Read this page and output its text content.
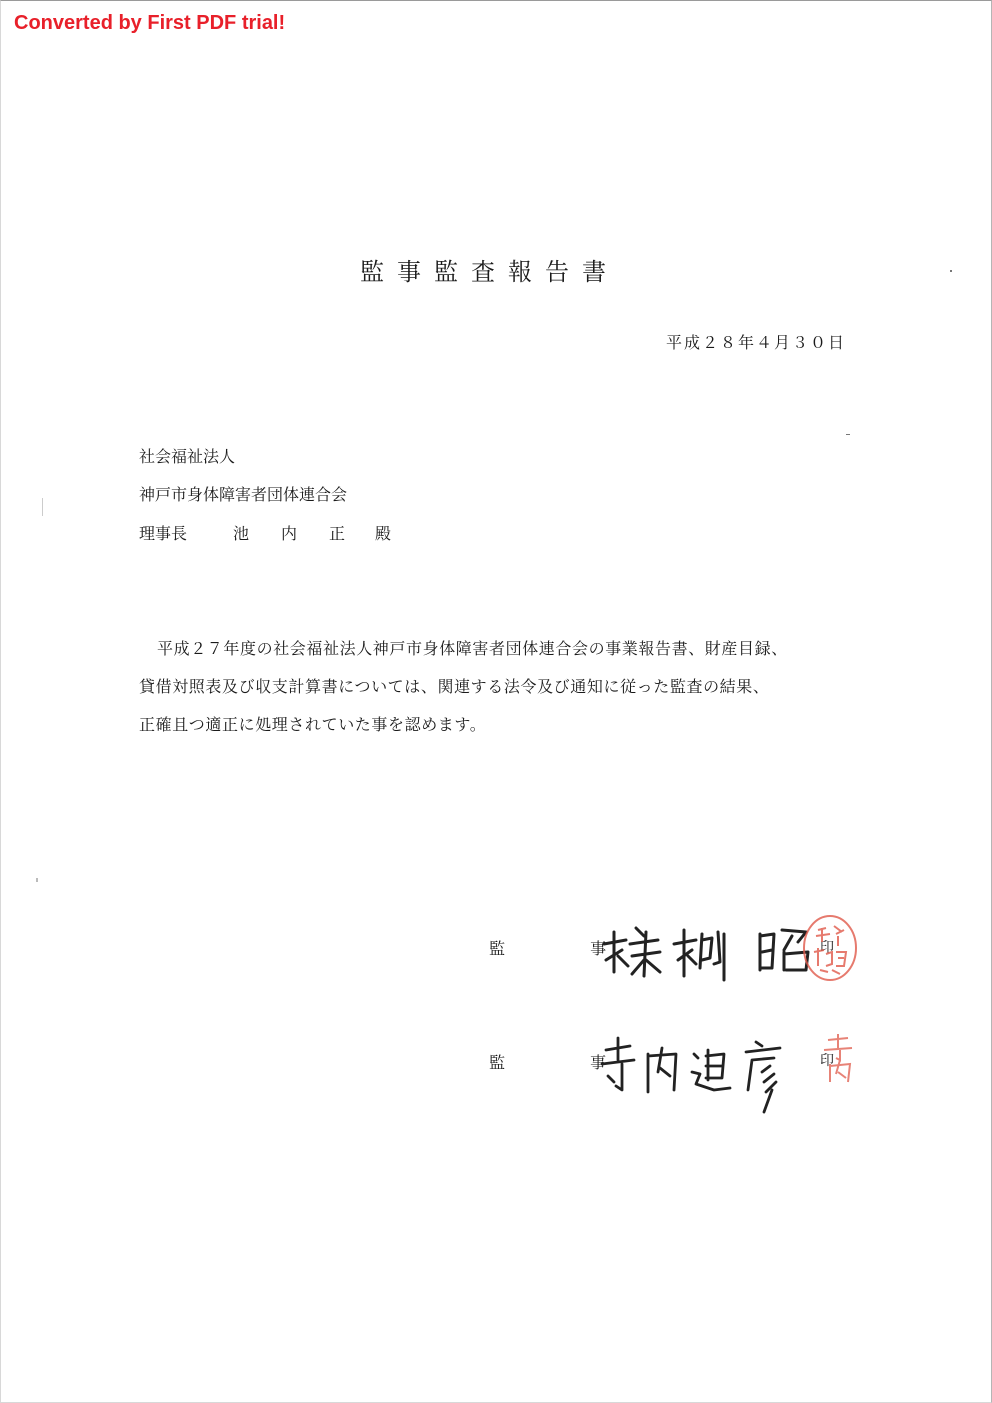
Converted by First PDF trial!
監事監査報告書
平成２８年４月３０日
社会福祉法人
神戸市身体障害者団体連合会
理事長	池 内 正 殿

平成２７年度の社会福祉法人神戸市身体障害者団体連合会の事業報告書、財産目録、

貸借対照表及び収支計算書については、関連する法令及び通知に従った監査の結果、

正確且つ適正に処理されていた事を認めます。

監 事	印
監 事	印
